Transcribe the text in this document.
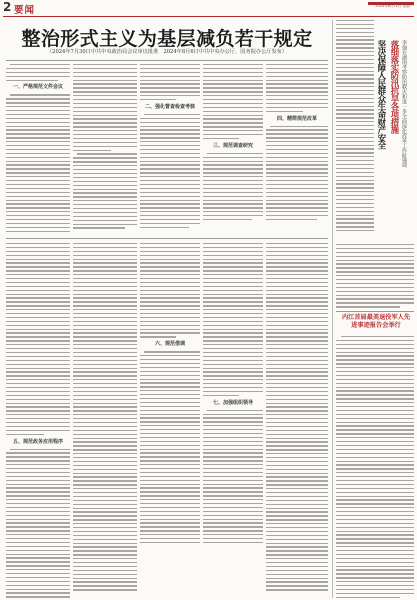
2 要闻	2024年8月12日 星期一
整治形式主义为基层减负若干规定
（2024年7月30日中共中央政治局会议审议批准　2024年8月6日中共中央办公厅、国务院办公厅发布）
一、严格规范文件会议
二、强化督查检查考核
三、规范调查研究
四、精简规范改革
五、规范政务应用程序
六、规范借调
七、加强组织领导
李强在湖南考察防汛救灾和进一步全面深化改革工作时强调
落细落实防汛抗旱各项措施
坚决保障人民群众生命财产安全
内江首届最美退役军人先进事迹报告会举行
